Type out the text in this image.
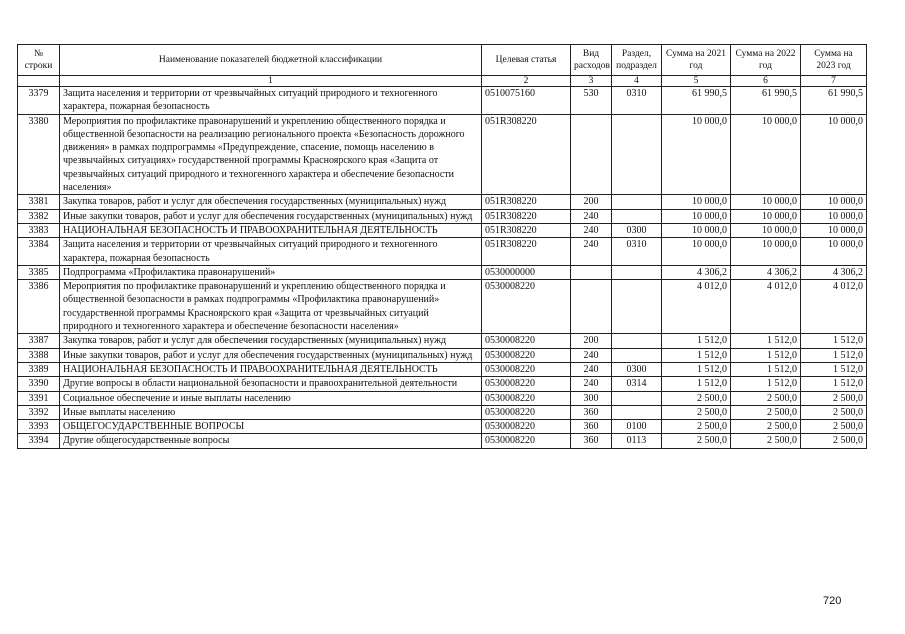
№ строки	Наименование показателей бюджетной классификации	Целевая статья	Вид расходов	Раздел, подраздел	Сумма на 2021 год	Сумма на 2022 год	Сумма на 2023 год
	1	2	3	4	5	6	7
3379	Защита населения и территории от чрезвычайных ситуаций природного и техногенного характера, пожарная безопасность	0510075160	530	0310	61 990,5	61 990,5	61 990,5
3380	Мероприятия по профилактике правонарушений и укреплению общественного порядка и общественной безопасности на реализацию регионального проекта «Безопасность дорожного движения» в рамках подпрограммы «Предупреждение, спасение, помощь населению в чрезвычайных ситуациях» государственной программы Красноярского края «Защита от чрезвычайных ситуаций природного и техногенного характера и обеспечение безопасности населения»	051R308220			10 000,0	10 000,0	10 000,0
3381	Закупка товаров, работ и услуг для обеспечения государственных (муниципальных) нужд	051R308220	200		10 000,0	10 000,0	10 000,0
3382	Иные закупки товаров, работ и услуг для обеспечения государственных (муниципальных) нужд	051R308220	240		10 000,0	10 000,0	10 000,0
3383	НАЦИОНАЛЬНАЯ БЕЗОПАСНОСТЬ И ПРАВООХРАНИТЕЛЬНАЯ ДЕЯТЕЛЬНОСТЬ	051R308220	240	0300	10 000,0	10 000,0	10 000,0
3384	Защита населения и территории от чрезвычайных ситуаций природного и техногенного характера, пожарная безопасность	051R308220	240	0310	10 000,0	10 000,0	10 000,0
3385	Подпрограмма «Профилактика правонарушений»	0530000000			4 306,2	4 306,2	4 306,2
3386	Мероприятия по профилактике правонарушений и укреплению общественного порядка и общественной безопасности в рамках подпрограммы «Профилактика правонарушений» государственной программы Красноярского края «Защита от чрезвычайных ситуаций природного и техногенного характера и обеспечение безопасности населения»	0530008220			4 012,0	4 012,0	4 012,0
3387	Закупка товаров, работ и услуг для обеспечения государственных (муниципальных) нужд	0530008220	200		1 512,0	1 512,0	1 512,0
3388	Иные закупки товаров, работ и услуг для обеспечения государственных (муниципальных) нужд	0530008220	240		1 512,0	1 512,0	1 512,0
3389	НАЦИОНАЛЬНАЯ БЕЗОПАСНОСТЬ И ПРАВООХРАНИТЕЛЬНАЯ ДЕЯТЕЛЬНОСТЬ	0530008220	240	0300	1 512,0	1 512,0	1 512,0
3390	Другие вопросы в области национальной безопасности и правоохранительной деятельности	0530008220	240	0314	1 512,0	1 512,0	1 512,0
3391	Социальное обеспечение и иные выплаты населению	0530008220	300		2 500,0	2 500,0	2 500,0
3392	Иные выплаты населению	0530008220	360		2 500,0	2 500,0	2 500,0
3393	ОБЩЕГОСУДАРСТВЕННЫЕ ВОПРОСЫ	0530008220	360	0100	2 500,0	2 500,0	2 500,0
3394	Другие общегосударственные вопросы	0530008220	360	0113	2 500,0	2 500,0	2 500,0
720
